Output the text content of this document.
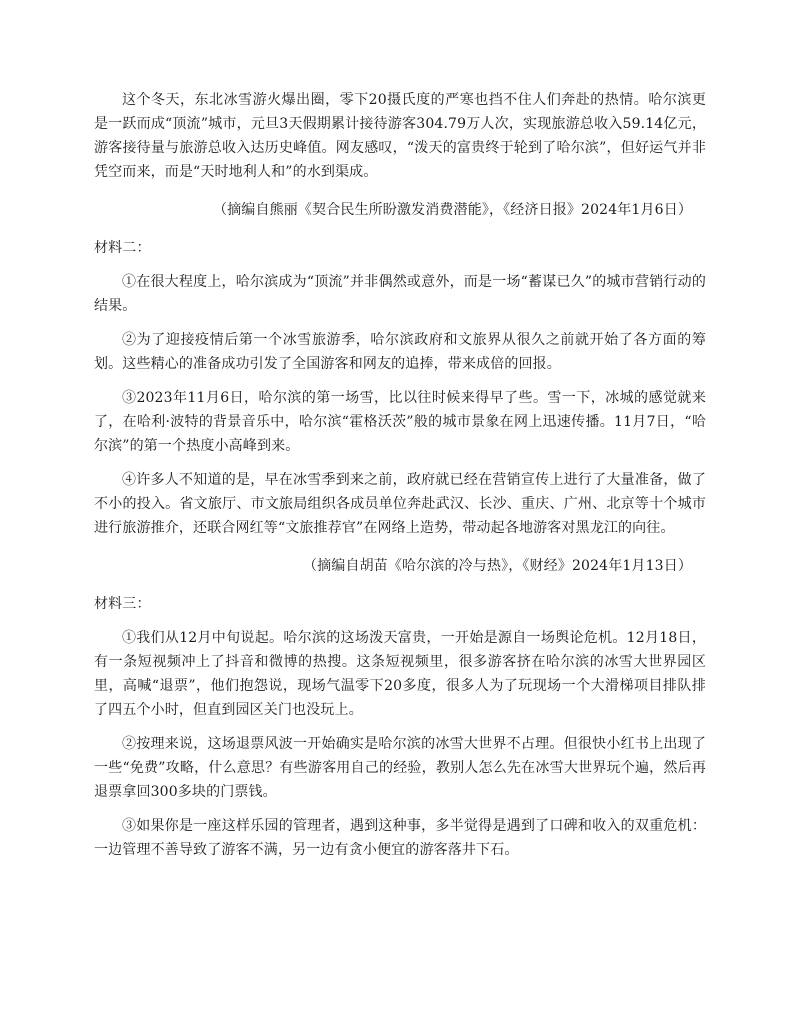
这个冬天，东北冰雪游火爆出圈，零下20摄氏度的严寒也挡不住人们奔赴的热情。哈尔滨更是一跃而成“顶流”城市，元旦3天假期累计接待游客304.79万人次，实现旅游总收入59.14亿元，游客接待量与旅游总收入达历史峰值。网友感叹，“泼天的富贵终于轮到了哈尔滨”，但好运气并非凭空而来，而是“天时地利人和”的水到渠成。

（摘编自熊丽《契合民生所盼激发消费潜能》，《经济日报》2024年1月6日）

材料二：

①在很大程度上，哈尔滨成为“顶流”并非偶然或意外，而是一场“蓄谋已久”的城市营销行动的结果。

②为了迎接疫情后第一个冰雪旅游季，哈尔滨政府和文旅界从很久之前就开始了各方面的筹划。这些精心的准备成功引发了全国游客和网友的追捧，带来成倍的回报。

③2023年11月6日，哈尔滨的第一场雪，比以往时候来得早了些。雪一下，冰城的感觉就来了，在哈利·波特的背景音乐中，哈尔滨“霍格沃茨”般的城市景象在网上迅速传播。11月7日，“哈尔滨”的第一个热度小高峰到来。

④许多人不知道的是，早在冰雪季到来之前，政府就已经在营销宣传上进行了大量准备，做了不小的投入。省文旅厅、市文旅局组织各成员单位奔赴武汉、长沙、重庆、广州、北京等十个城市进行旅游推介，还联合网红等“文旅推荐官”在网络上造势，带动起各地游客对黑龙江的向往。

（摘编自胡苗《哈尔滨的冷与热》，《财经》2024年1月13日）

材料三：

①我们从12月中旬说起。哈尔滨的这场泼天富贵，一开始是源自一场舆论危机。12月18日，有一条短视频冲上了抖音和微博的热搜。这条短视频里，很多游客挤在哈尔滨的冰雪大世界园区里，高喊“退票”，他们抱怨说，现场气温零下20多度，很多人为了玩现场一个大滑梯项目排队排了四五个小时，但直到园区关门也没玩上。

②按理来说，这场退票风波一开始确实是哈尔滨的冰雪大世界不占理。但很快小红书上出现了一些“免费”攻略，什么意思？有些游客用自己的经验，教别人怎么先在冰雪大世界玩个遍，然后再退票拿回300多块的门票钱。

③如果你是一座这样乐园的管理者，遇到这种事，多半觉得是遇到了口碑和收入的双重危机：一边管理不善导致了游客不满，另一边有贪小便宜的游客落井下石。
